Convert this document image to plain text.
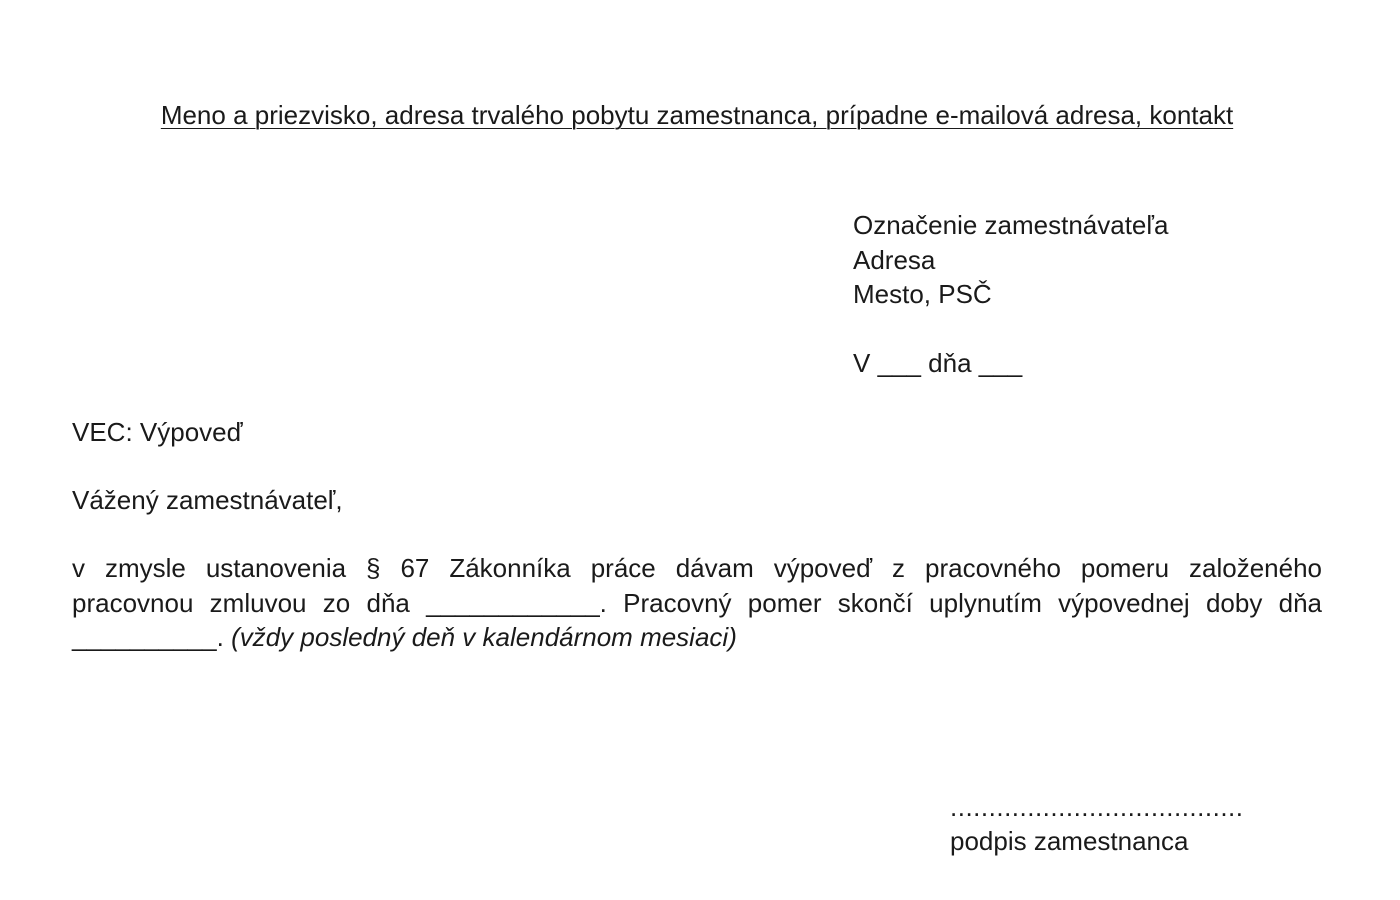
Meno a priezvisko, adresa trvalého pobytu zamestnanca, prípadne e-mailová adresa, kontakt
Označenie zamestnávateľa
Adresa
Mesto, PSČ
V ___ dňa ___
VEC: Výpoveď
Vážený zamestnávateľ,
v zmysle ustanovenia § 67 Zákonníka práce dávam výpoveď z pracovného pomeru založeného
pracovnou zmluvou zo dňa ____________. Pracovný pomer skončí uplynutím výpovednej doby dňa
__________. (vždy posledný deň v kalendárnom mesiaci)
......................................
podpis zamestnanca
